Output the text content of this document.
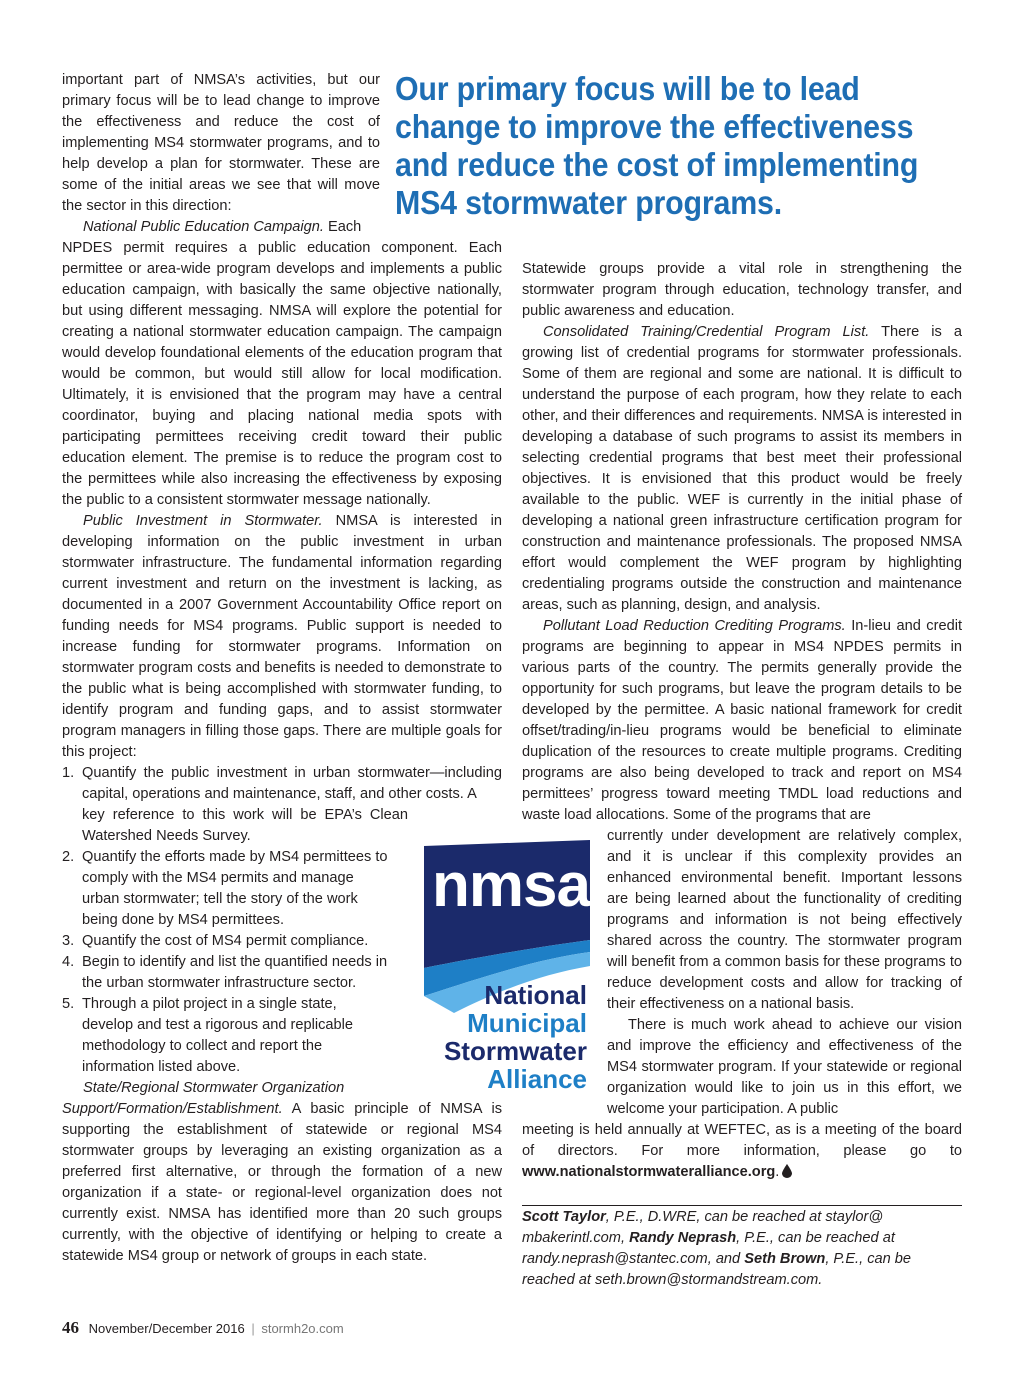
Our primary focus will be to lead
change to improve the effectiveness
and reduce the cost of implementing
MS4 stormwater programs.

important part of NMSA’s activities, but our primary focus will be to lead change to improve the effectiveness and reduce the cost of implementing MS4 stormwater programs, and to help develop a plan for stormwater. These are some of the initial areas we see that will move the sector in this direction:

National Public Education Campaign. Each

NPDES permit requires a public education component. Each permittee or area-wide program develops and implements a public education campaign, with basically the same objective nationally, but using different messaging. NMSA will explore the potential for creating a national stormwater education campaign. The campaign would develop foundational elements of the education program that would be common, but would still allow for local modification. Ultimately, it is envisioned that the program may have a central coordinator, buying and placing national media spots with participating permittees receiving credit toward their public education element. The premise is to reduce the program cost to the permittees while also increasing the effectiveness by exposing the public to a consistent stormwater message nationally.

Public Investment in Stormwater. NMSA is interested in developing information on the public investment in urban stormwater infrastructure. The fundamental information regarding current investment and return on the investment is lacking, as documented in a 2007 Government Accountability Office report on funding needs for MS4 programs. Public support is needed to increase funding for stormwater programs. Information on stormwater program costs and benefits is needed to demonstrate to the public what is being accomplished with stormwater funding, to identify program and funding gaps, and to assist stormwater program managers in filling those gaps. There are multiple goals for this project:

1. Quantify the public investment in urban stormwater—including capital, operations and maintenance, staff, and other costs. A
key reference to this work will be EPA’s Clean Watershed Needs Survey.
2. Quantify the efforts made by MS4 permittees to comply with the MS4 permits and manage urban stormwater; tell the story of the work being done by MS4 permittees.
3. Quantify the cost of MS4 permit compliance.
4. Begin to identify and list the quantified needs in the urban stormwater infrastructure sector.
5. Through a pilot project in a single state, develop and test a rigorous and replicable methodology to collect and report the information listed above.

State/Regional Stormwater Organization

Support/Formation/Establishment. A basic principle of NMSA is supporting the establishment of statewide or regional MS4 stormwater groups by leveraging an existing organization as a preferred first alternative, or through the formation of a new organization if a state- or regional-level organization does not currently exist. NMSA has identified more than 20 such groups currently, with the objective of identifying or helping to create a statewide MS4 group or network of groups in each state.

Statewide groups provide a vital role in strengthening the stormwater program through education, technology transfer, and public awareness and education.

Consolidated Training/Credential Program List. There is a growing list of credential programs for stormwater professionals. Some of them are regional and some are national. It is difficult to understand the purpose of each program, how they relate to each other, and their differences and requirements. NMSA is interested in developing a database of such programs to assist its members in selecting credential programs that best meet their professional objectives. It is envisioned that this product would be freely available to the public. WEF is currently in the initial phase of developing a national green infrastructure certification program for construction and maintenance professionals. The proposed NMSA effort would complement the WEF program by highlighting credentialing programs outside the construction and maintenance areas, such as planning, design, and analysis.

Pollutant Load Reduction Crediting Programs. In-lieu and credit programs are beginning to appear in MS4 NPDES permits in various parts of the country. The permits generally provide the opportunity for such programs, but leave the program details to be developed by the permittee. A basic national framework for credit offset/trading/in-lieu programs would be beneficial to eliminate duplication of the resources to create multiple programs. Crediting programs are also being developed to track and report on MS4 permittees’ progress toward meeting TMDL load reductions and waste load allocations. Some of the programs that are

currently under development are relatively complex, and it is unclear if this complexity provides an enhanced environmental benefit. Important lessons are being learned about the functionality of crediting programs and information is not being effectively shared across the country. The stormwater program will benefit from a common basis for these programs to reduce development costs and allow for tracking of their effectiveness on a national basis.

There is much work ahead to achieve our vision and improve the efficiency and effectiveness of the MS4 stormwater program. If your statewide or regional organization would like to join us in this effort, we welcome your participation. A public

meeting is held annually at WEFTEC, as is a meeting of the board of directors. For more information, please go to www.nationalstormwateralliance.org.

nmsa
National
Municipal
Stormwater
Alliance
Scott Taylor, P.E., D.WRE, can be reached at staylor@ mbakerintl.com, Randy Neprash, P.E., can be reached at randy.neprash@stantec.com, and Seth Brown, P.E., can be reached at seth.brown@stormandstream.com.
46 November/December 2016 | stormh2o.com
